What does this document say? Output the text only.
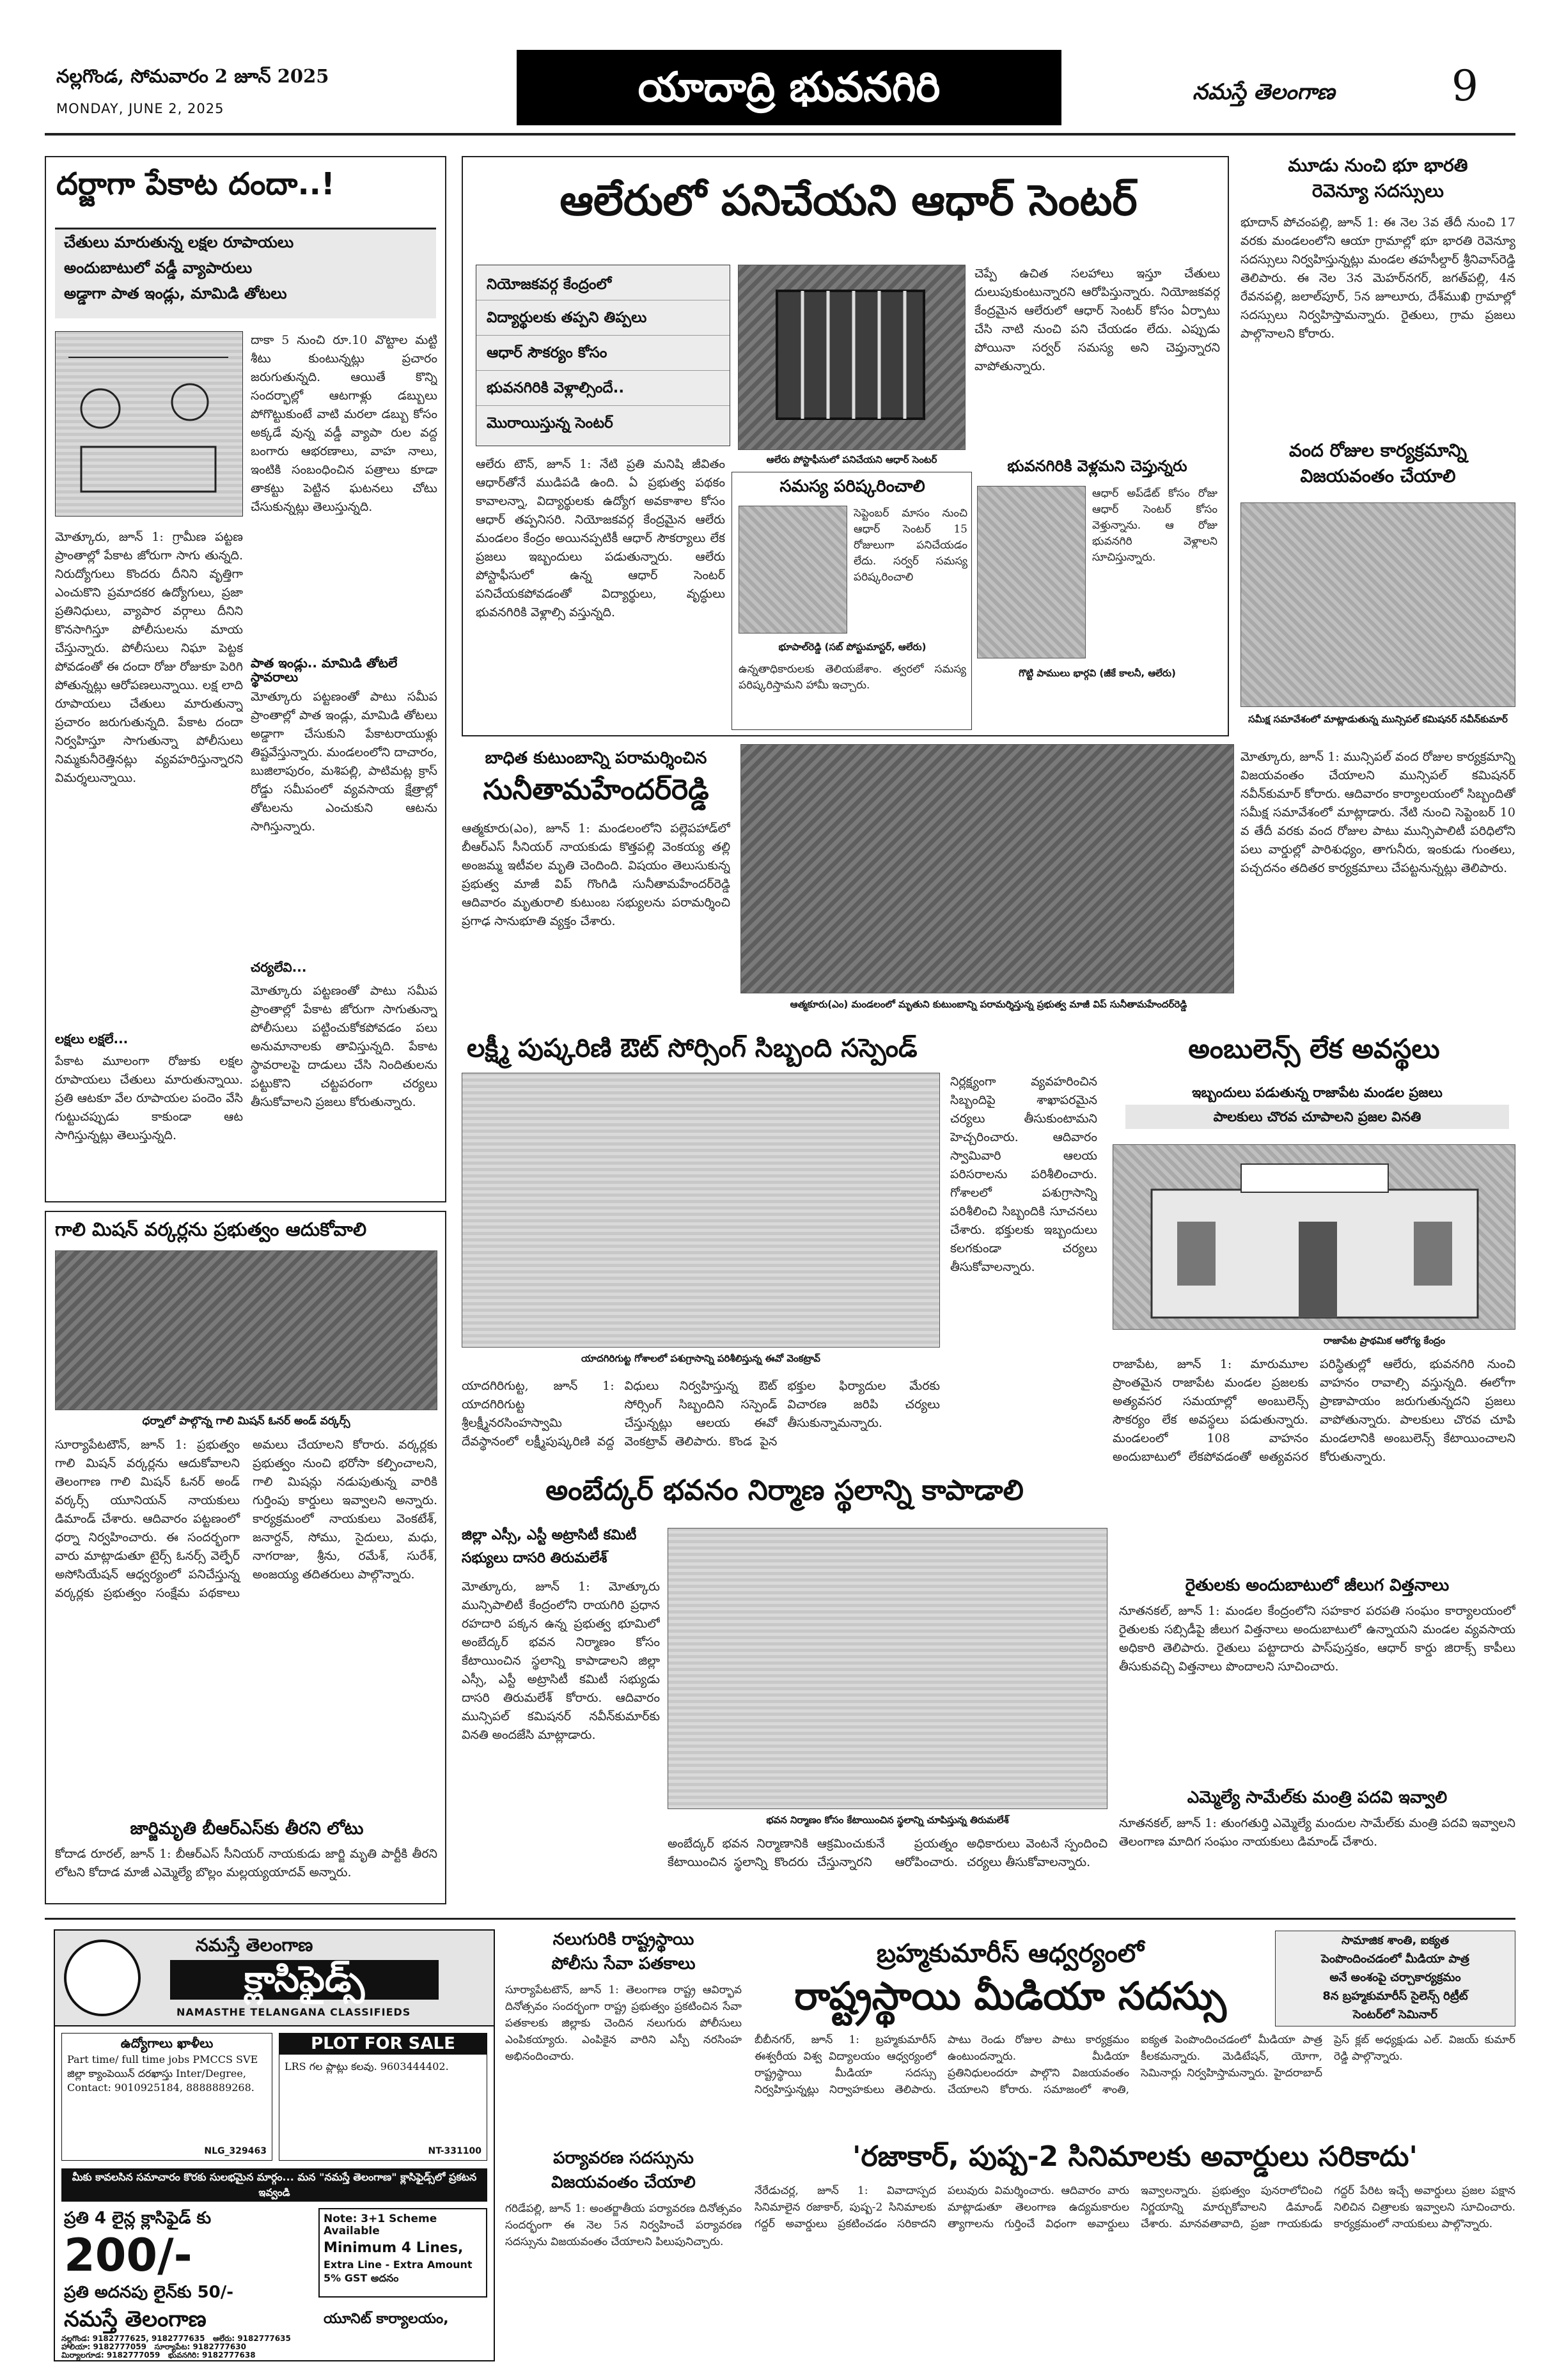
నల్లగొండ, సోమవారం 2 జూన్ 2025
MONDAY, JUNE 2, 2025	యాదాద్రి భువనగిరి	నమస్తే తెలంగాణ	9
దర్జాగా పేకాట దందా..!
చేతులు మారుతున్న లక్షల రూపాయలు
అందుబాటులో వడ్డీ వ్యాపారులు
అడ్డాగా పాత ఇండ్లు, మామిడి తోటలు
దాకా 5 నుంచి రూ.10 వొట్టాల మట్టి శీటు కుంటున్నట్లు ప్రచారం జరుగుతున్నది. ఆయితే కొన్ని సందర్భాల్లో ఆటగాళ్లు డబ్బులు పోగొట్టుకుంటే వాటి మరలా డబ్బు కోసం అక్కడే వున్న వడ్డీ వ్యాపా రుల వద్ద బంగారు ఆభరణాలు, వాహ నాలు, ఇంటికి సంబంధించిన పత్రాలు కూడా తాకట్టు పెట్టిన ఘటనలు చోటు చేసుకున్నట్లు తెలుస్తున్నది.
పాత ఇండ్లు.. మామిడి తోటలే స్థావరాలు
మోత్కూరు, జూన్ 1: గ్రామీణ పట్టణ ప్రాంతాల్లో పేకాట జోరుగా సాగు తున్నది. నిరుద్యోగులు కొందరు దీనిని వృత్తిగా ఎంచుకొని ప్రమాదకర ఉద్యోగులు, ప్రజా ప్రతినిధులు, వ్యాపార వర్గాలు దీనిని కొనసాగిస్తూ పోలీసులను మాయ చేస్తున్నారు. పోలీసులు నిఘా పెట్టక పోవడంతో ఈ దందా రోజు రోజుకూ పెరిగి పోతున్నట్లు ఆరోపణలున్నాయి. లక్ష లాది రూపాయలు చేతులు మారుతున్నా ప్రచారం జరుగుతున్నది. పేకాట దందా నిర్వహిస్తూ సాగుతున్నా పోలీసులు నిమ్మకునీరెత్తినట్లు వ్యవహరిస్తున్నారని విమర్శలున్నాయి.
మోత్కూరు పట్టణంతో పాటు సమీప ప్రాంతాల్లో పాత ఇండ్లు, మామిడి తోటలు అడ్డాగా చేసుకుని పేకాటరాయుళ్లు తిష్టవేస్తున్నారు. మండలంలోని దాచారం, బుజిలాపురం, మశిపల్లి, పాటిమట్ల క్రాస్ రోడ్డు సమీపంలో వ్యవసాయ క్షేత్రాల్లో తోటలను ఎంచుకుని ఆటను సాగిస్తున్నారు.
చర్యలేవి...
మోత్కూరు పట్టణంతో పాటు సమీప ప్రాంతాల్లో పేకాట జోరుగా సాగుతున్నా పోలీసులు పట్టించుకోకపోవడం పలు అనుమానాలకు తావిస్తున్నది. పేకాట స్థావరాలపై దాడులు చేసి నిందితులను పట్టుకొని చట్టపరంగా చర్యలు తీసుకోవాలని ప్రజలు కోరుతున్నారు.
లక్షలు లక్షలే...
పేకాట మూలంగా రోజుకు లక్షల రూపాయలు చేతులు మారుతున్నాయి. ప్రతి ఆటకూ వేల రూపాయల పందెం వేసి గుట్టుచప్పుడు కాకుండా ఆట సాగిస్తున్నట్లు తెలుస్తున్నది.
గాలి మిషన్ వర్కర్లను ప్రభుత్వం ఆదుకోవాలి
ధర్నాలో పాల్గొన్న గాలి మిషన్ ఓనర్ అండ్ వర్కర్స్
సూర్యాపేటటౌన్, జూన్ 1: ప్రభుత్వం గాలి మిషన్ వర్కర్లను ఆదుకోవాలని తెలంగాణ గాలి మిషన్ ఓనర్ అండ్ వర్కర్స్ యూనియన్ నాయకులు డిమాండ్ చేశారు. ఆదివారం పట్టణంలో ధర్నా నిర్వహించారు. ఈ సందర్భంగా వారు మాట్లాడుతూ టైర్స్ ఓనర్స్ వెల్ఫేర్ అసోసియేషన్ ఆధ్వర్యంలో పనిచేస్తున్న వర్కర్లకు ప్రభుత్వం సంక్షేమ పథకాలు అమలు చేయాలని కోరారు. వర్కర్లకు ప్రభుత్వం నుంచి భరోసా కల్పించాలని, గాలి మిషన్లు నడుపుతున్న వారికి గుర్తింపు కార్డులు ఇవ్వాలని అన్నారు. కార్యక్రమంలో నాయకులు వెంకటేశ్, జనార్దన్, సోము, సైదులు, మధు, నాగరాజు, శ్రీను, రమేశ్, సురేశ్, అంజయ్య తదితరులు పాల్గొన్నారు.
జార్జిమృతి బీఆర్‌ఎస్‌కు తీరని లోటు
కోదాడ రూరల్, జూన్ 1: బీఆర్‌ఎస్ సీనియర్ నాయకుడు జార్జి మృతి పార్టీకి తీరని లోటని కోదాడ మాజీ ఎమ్మెల్యే బొల్లం మల్లయ్యయాదవ్ అన్నారు.
ఆలేరులో పనిచేయని ఆధార్ సెంటర్
నియోజకవర్గ కేంద్రంలో
విద్యార్థులకు తప్పని తిప్పలు
ఆధార్ సౌకర్యం కోసం
భువనగిరికి వెళ్లాల్సిందే..
మొరాయిస్తున్న సెంటర్
ఆలేరు పోస్టాఫీసులో పనిచేయని ఆధార్ సెంటర్
ఆలేరు టౌన్, జూన్ 1: నేటి ప్రతి మనిషి జీవితం ఆధార్‌తోనే ముడిపడి ఉంది. ఏ ప్రభుత్వ పథకం కావాలన్నా, విద్యార్థులకు ఉద్యోగ అవకాశాల కోసం ఆధార్ తప్పనిసరి. నియోజకవర్గ కేంద్రమైన ఆలేరు మండలం కేంద్రం అయినప్పటికీ ఆధార్ సౌకర్యాలు లేక ప్రజలు ఇబ్బందులు పడుతున్నారు. ఆలేరు పోస్టాఫీసులో ఉన్న ఆధార్ సెంటర్ పనిచేయకపోవడంతో విద్యార్థులు, వృద్ధులు భువనగిరికి వెళ్లాల్సి వస్తున్నది.
చెప్పే ఉచిత సలహాలు ఇస్తూ చేతులు దులుపుకుంటున్నారని ఆరోపిస్తున్నారు. నియోజకవర్గ కేంద్రమైన ఆలేరులో ఆధార్ సెంటర్ కోసం ఏర్పాటు చేసి నాటి నుంచి పని చేయడం లేదు. ఎప్పుడు పోయినా సర్వర్ సమస్య అని చెప్తున్నారని వాపోతున్నారు.
సమస్య పరిష్కరించాలి
సెప్టెంబర్ మాసం నుంచి ఆధార్ సెంటర్ 15 రోజులుగా పనిచేయడం లేదు. సర్వర్ సమస్య పరిష్కరించాలి
భూపాల్‌రెడ్డి (సబ్ పోస్టుమాస్టర్, ఆలేరు)
ఉన్నతాధికారులకు తెలియజేశాం. త్వరలో సమస్య పరిష్కరిస్తామని హామీ ఇచ్చారు.
భువనగిరికి వెళ్లమని చెప్తున్నరు
ఆధార్ అప్‌డేట్ కోసం రోజు ఆధార్ సెంటర్ కోసం వెళ్తున్నాను. ఆ రోజు భువనగిరి వెళ్లాలని సూచిస్తున్నారు.
గొట్టి పాములు భార్గవి (జీకే కాలనీ, ఆలేరు)
మూడు నుంచి భూ భారతి
రెవెన్యూ సదస్సులు
భూదాన్ పోచంపల్లి, జూన్ 1: ఈ నెల 3వ తేదీ నుంచి 17 వరకు మండలంలోని ఆయా గ్రామాల్లో భూ భారతి రెవెన్యూ సదస్సులు నిర్వహిస్తున్నట్లు మండల తహసీల్దార్ శ్రీనివాస్‌రెడ్డి తెలిపారు. ఈ నెల 3న మెహర్‌నగర్, జగత్‌పల్లి, 4న రేవనపల్లి, జలాల్‌పూర్, 5న జూలూరు, దేశ్‌ముఖి గ్రామాల్లో సదస్సులు నిర్వహిస్తామన్నారు. రైతులు, గ్రామ ప్రజలు పాల్గొనాలని కోరారు.
వంద రోజుల కార్యక్రమాన్ని
విజయవంతం చేయాలి
సమీక్ష సమావేశంలో మాట్లాడుతున్న మున్సిపల్ కమిషనర్ నవీన్‌కుమార్
మోత్కూరు, జూన్ 1: మున్సిపల్ వంద రోజుల కార్యక్రమాన్ని విజయవంతం చేయాలని మున్సిపల్ కమిషనర్ నవీన్‌కుమార్ కోరారు. ఆదివారం కార్యాలయంలో సిబ్బందితో సమీక్ష సమావేశంలో మాట్లాడారు. నేటి నుంచి సెప్టెంబర్ 10 వ తేదీ వరకు వంద రోజుల పాటు మున్సిపాలిటీ పరిధిలోని పలు వార్డుల్లో పారిశుధ్యం, తాగునీరు, ఇంకుడు గుంతలు, పచ్చదనం తదితర కార్యక్రమాలు చేపట్టనున్నట్లు తెలిపారు.
బాధిత కుటుంబాన్ని పరామర్శించిన
సునీతామహేందర్‌రెడ్డి
ఆత్మకూరు(ఎం), జూన్ 1: మండలంలోని పల్లెపహాడ్‌లో బీఆర్‌ఎస్ సీనియర్ నాయకుడు కొత్తపల్లి వెంకయ్య తల్లి అంజమ్మ ఇటీవల మృతి చెందింది. విషయం తెలుసుకున్న ప్రభుత్వ మాజీ విప్ గొంగిడి సునీతామహేందర్‌రెడ్డి ఆదివారం మృతురాలి కుటుంబ సభ్యులను పరామర్శించి ప్రగాఢ సానుభూతి వ్యక్తం చేశారు.
ఆత్మకూరు(ఎం) మండలంలో మృతుని కుటుంబాన్ని పరామర్శిస్తున్న ప్రభుత్వ మాజీ విప్ సునీతామహేందర్‌రెడ్డి
లక్ష్మీ పుష్కరిణి ఔట్ సోర్సింగ్ సిబ్బంది సస్పెండ్
యాదగిరిగుట్ట గోశాలలో పశుగ్రాసాన్ని పరిశీలిస్తున్న ఈవో వెంకట్రావ్
యాదగిరిగుట్ట, జూన్ 1: యాదగిరిగుట్ట శ్రీలక్ష్మీనరసింహస్వామి దేవస్థానంలో లక్ష్మీపుష్కరిణి వద్ద విధులు నిర్వహిస్తున్న ఔట్ సోర్సింగ్ సిబ్బందిని సస్పెండ్ చేస్తున్నట్లు ఆలయ ఈవో వెంకట్రావ్ తెలిపారు. కొండ పైన భక్తుల ఫిర్యాదుల మేరకు విచారణ జరిపి చర్యలు తీసుకున్నామన్నారు.
నిర్లక్ష్యంగా వ్యవహరించిన సిబ్బందిపై శాఖాపరమైన చర్యలు తీసుకుంటామని హెచ్చరించారు. ఆదివారం స్వామివారి ఆలయ పరిసరాలను పరిశీలించారు. గోశాలలో పశుగ్రాసాన్ని పరిశీలించి సిబ్బందికి సూచనలు చేశారు. భక్తులకు ఇబ్బందులు కలగకుండా చర్యలు తీసుకోవాలన్నారు.
అంబులెన్స్ లేక అవస్థలు
ఇబ్బందులు పడుతున్న రాజాపేట మండల ప్రజలు
పాలకులు చొరవ చూపాలని ప్రజల వినతి
రాజాపేట ప్రాథమిక ఆరోగ్య కేంద్రం
రాజాపేట, జూన్ 1: మారుమూల ప్రాంతమైన రాజాపేట మండల ప్రజలకు అత్యవసర సమయాల్లో అంబులెన్స్ సౌకర్యం లేక అవస్థలు పడుతున్నారు. మండలంలో 108 వాహనం అందుబాటులో లేకపోవడంతో అత్యవసర పరిస్థితుల్లో ఆలేరు, భువనగిరి నుంచి వాహనం రావాల్సి వస్తున్నది. ఈలోగా ప్రాణాపాయం జరుగుతున్నదని ప్రజలు వాపోతున్నారు. పాలకులు చొరవ చూపి మండలానికి అంబులెన్స్ కేటాయించాలని కోరుతున్నారు.
అంబేద్కర్ భవనం నిర్మాణ స్థలాన్ని కాపాడాలి
జిల్లా ఎస్సీ, ఎస్టీ అట్రాసిటీ కమిటీ
సభ్యులు దాసరి తిరుమలేశ్
మోత్కూరు, జూన్ 1: మోత్కూరు మున్సిపాలిటీ కేంద్రంలోని రాయగిరి ప్రధాన రహదారి పక్కన ఉన్న ప్రభుత్వ భూమిలో అంబేద్కర్ భవన నిర్మాణం కోసం కేటాయించిన స్థలాన్ని కాపాడాలని జిల్లా ఎస్సీ, ఎస్టీ అట్రాసిటీ కమిటీ సభ్యుడు దాసరి తిరుమలేశ్ కోరారు. ఆదివారం మున్సిపల్ కమిషనర్ నవీన్‌కుమార్‌కు వినతి అందజేసి మాట్లాడారు.
భవన నిర్మాణం కోసం కేటాయించిన స్థలాన్ని చూపిస్తున్న తిరుమలేశ్
అంబేద్కర్ భవన నిర్మాణానికి కేటాయించిన స్థలాన్ని కొందరు ఆక్రమించుకునే ప్రయత్నం చేస్తున్నారని ఆరోపించారు. అధికారులు వెంటనే స్పందించి చర్యలు తీసుకోవాలన్నారు.
రైతులకు అందుబాటులో జీలుగ విత్తనాలు
నూతనకల్, జూన్ 1: మండల కేంద్రంలోని సహకార పరపతి సంఘం కార్యాలయంలో రైతులకు సబ్సిడీపై జీలుగ విత్తనాలు అందుబాటులో ఉన్నాయని మండల వ్యవసాయ అధికారి తెలిపారు. రైతులు పట్టాదారు పాస్‌పుస్తకం, ఆధార్ కార్డు జిరాక్స్ కాపీలు తీసుకువచ్చి విత్తనాలు పొందాలని సూచించారు.
ఎమ్మెల్యే సామేల్‌కు మంత్రి పదవి ఇవ్వాలి
నూతనకల్, జూన్ 1: తుంగతుర్తి ఎమ్మెల్యే మందుల సామేల్‌కు మంత్రి పదవి ఇవ్వాలని తెలంగాణ మాదిగ సంఘం నాయకులు డిమాండ్ చేశారు.
నమస్తే తెలంగాణ
క్లాసిఫైడ్స్
NAMASTHE TELANGANA CLASSIFIEDS
ఉద్యోగాలు ఖాళీలు
Part time/ full time jobs PMCCS SVE జిల్లా క్యాంపెయిన్ దరఖాస్తు Inter/Degree, Contact: 9010925184, 8888889268.
NLG_329463
PLOT FOR SALE
LRS గల ప్లాట్లు కలవు. 9603444402.
NT-331100
మీకు కావలసిన సమాచారం కొరకు సులభమైన మార్గం... మన "నమస్తే తెలంగాణ" క్లాసిఫైడ్స్‌లో ప్రకటన ఇవ్వండి
ప్రతి 4 లైన్ల క్లాసిఫైడ్ కు
200/-
ప్రతి అదనపు లైన్‌కు 50/-
Note: 3+1 Scheme Available
Minimum 4 Lines,
Extra Line - Extra Amount
5% GST అదనం
నమస్తే తెలంగాణ	యూనిట్ కార్యాలయం,
నల్లగొండ: 9182777625, 9182777635 ఆలేరు: 9182777635
హాలియా: 9182777059 సూర్యాపేట: 9182777630
మిర్యాలగూడ: 9182777059 భువనగిరి: 9182777638
నలుగురికి రాష్ట్రస్థాయి
పోలీసు సేవా పతకాలు
సూర్యాపేటటౌన్, జూన్ 1: తెలంగాణ రాష్ట్ర ఆవిర్భావ దినోత్సవం సందర్భంగా రాష్ట్ర ప్రభుత్వం ప్రకటించిన సేవా పతకాలకు జిల్లాకు చెందిన నలుగురు పోలీసులు ఎంపికయ్యారు. ఎంపికైన వారిని ఎస్పీ నరసింహ అభినందించారు.
పర్యావరణ సదస్సును
విజయవంతం చేయాలి
గరిడేపల్లి, జూన్ 1: అంతర్జాతీయ పర్యావరణ దినోత్సవం సందర్భంగా ఈ నెల 5న నిర్వహించే పర్యావరణ సదస్సును విజయవంతం చేయాలని పిలుపునిచ్చారు.
బ్రహ్మకుమారీస్ ఆధ్వర్యంలో
రాష్ట్రస్థాయి మీడియా సదస్సు
బీబీనగర్, జూన్ 1: బ్రహ్మకుమారీస్ ఈశ్వరీయ విశ్వ విద్యాలయం ఆధ్వర్యంలో రాష్ట్రస్థాయి మీడియా సదస్సు నిర్వహిస్తున్నట్లు నిర్వాహకులు తెలిపారు. పాటు రెండు రోజుల పాటు కార్యక్రమం ఉంటుందన్నారు. మీడియా ప్రతినిధులందరూ పాల్గొని విజయవంతం చేయాలని కోరారు. సమాజంలో శాంతి, ఐక్యత పెంపొందించడంలో మీడియా పాత్ర కీలకమన్నారు. మెడిటేషన్, యోగా, సెమినార్లు నిర్వహిస్తామన్నారు. హైదరాబాద్ ప్రెస్ క్లబ్ అధ్యక్షుడు ఎల్. విజయ్ కుమార్ రెడ్డి పాల్గొన్నారు.
సామాజిక శాంతి, ఐక్యత
పెంపొందించడంలో మీడియా పాత్ర
అనే అంశంపై చర్చాకార్యక్రమం
8న బ్రహ్మకుమారీస్ సైలెన్స్ రిట్రీట్
సెంటర్‌లో సెమినార్
'రజాకార్, పుష్ప-2 సినిమాలకు అవార్డులు సరికాదు'
నేరేడుచర్ల, జూన్ 1: వివాదాస్పద సినిమాలైన రజాకార్, పుష్ప-2 సినిమాలకు గద్దర్ అవార్డులు ప్రకటించడం సరికాదని పలువురు విమర్శించారు. ఆదివారం వారు మాట్లాడుతూ తెలంగాణ ఉద్యమకారుల త్యాగాలను గుర్తించే విధంగా అవార్డులు ఇవ్వాలన్నారు. ప్రభుత్వం పునరాలోచించి నిర్ణయాన్ని మార్చుకోవాలని డిమాండ్ చేశారు. మానవతావాది, ప్రజా గాయకుడు గద్దర్ పేరిట ఇచ్చే అవార్డులు ప్రజల పక్షాన నిలిచిన చిత్రాలకు ఇవ్వాలని సూచించారు. కార్యక్రమంలో నాయకులు పాల్గొన్నారు.
